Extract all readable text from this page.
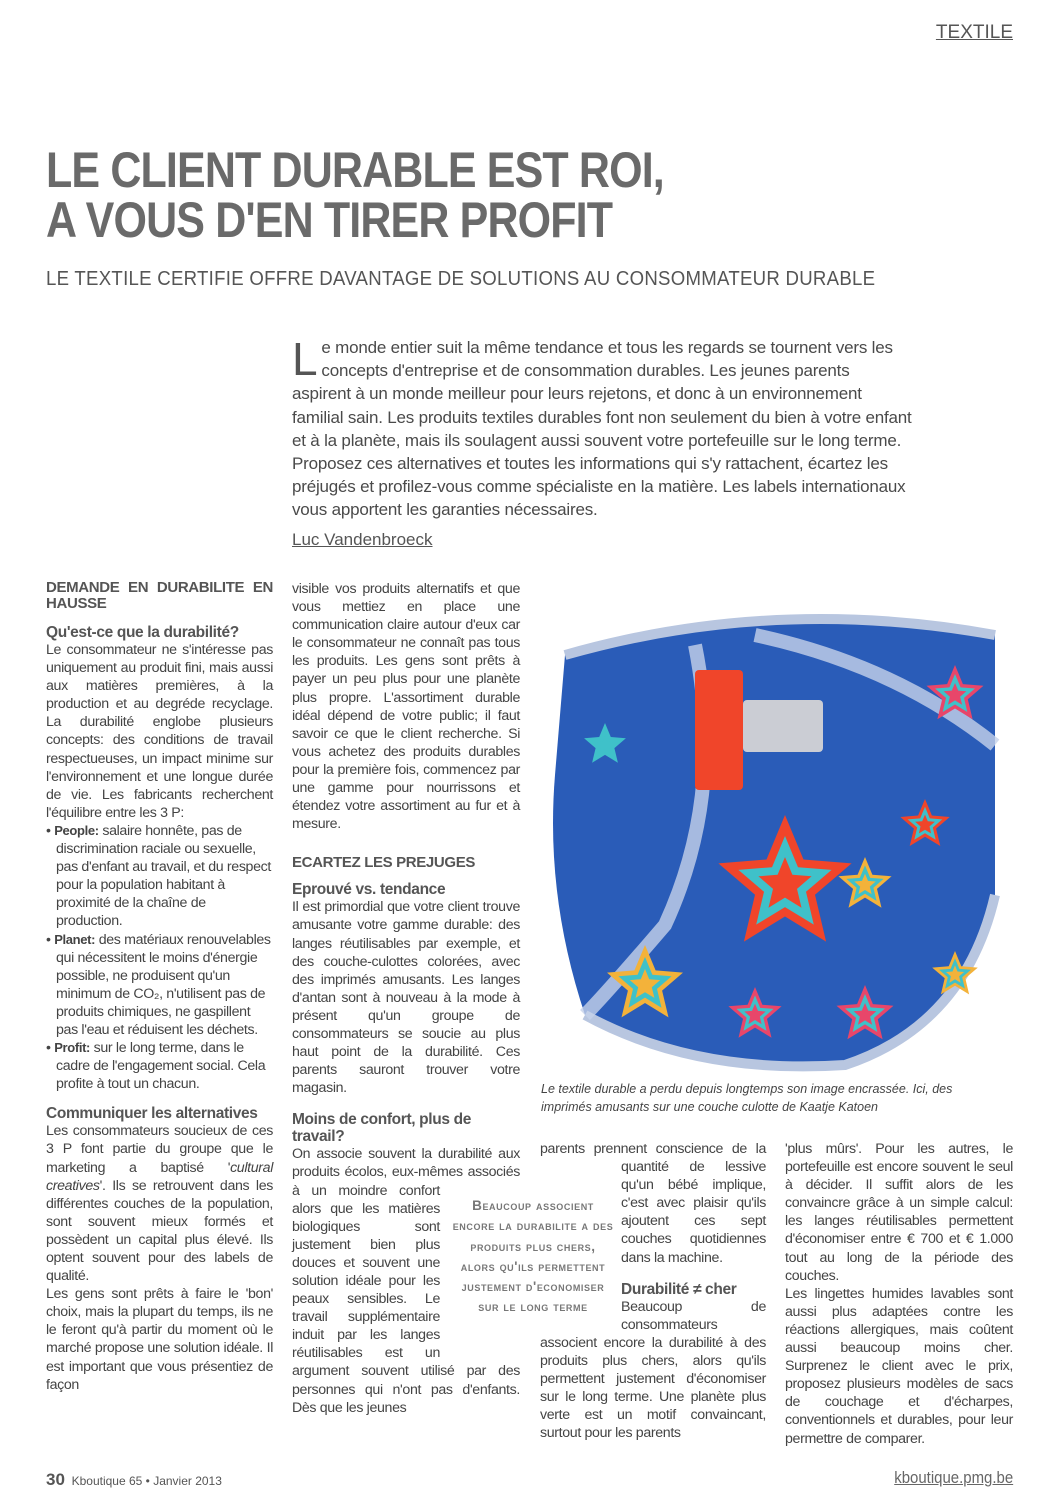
TEXTILE
LE CLIENT DURABLE EST ROI,
A VOUS D'EN TIRER PROFIT
LE TEXTILE CERTIFIE OFFRE DAVANTAGE DE SOLUTIONS AU CONSOMMATEUR DURABLE
Le monde entier suit la même tendance et tous les regards se tournent vers les concepts d'entreprise et de consommation durables. Les jeunes parents aspirent à un monde meilleur pour leurs rejetons, et donc à un environnement familial sain. Les produits textiles durables font non seulement du bien à votre enfant et à la planète, mais ils soulagent aussi souvent votre portefeuille sur le long terme. Proposez ces alternatives et toutes les informations qui s'y rattachent, écartez les préjugés et profilez-vous comme spécialiste en la matière. Les labels internationaux vous apportent les garanties nécessaires.
Luc Vandenbroeck
DEMANDE EN DURABILITE EN HAUSSE
Qu'est-ce que la durabilité?

Le consommateur ne s'intéresse pas uniquement au produit fini, mais aussi aux matières premières, à la production et au degréde recyclage. La durabilité englobe plusieurs concepts: des conditions de travail respectueuses, un impact minime sur l'environnement et une longue durée de vie. Les fabricants recherchent l'équilibre entre les 3 P:

• People: salaire honnête, pas de discrimination raciale ou sexuelle, pas d'enfant au travail, et du respect pour la population habitant à proximité de la chaîne de production.

• Planet: des matériaux renouvelables qui nécessitent le moins d'énergie possible, ne produisent qu'un minimum de CO₂, n'utilisent pas de produits chimiques, ne gaspillent pas l'eau et réduisent les déchets.

• Profit: sur le long terme, dans le cadre de l'engagement social. Cela profite à tout un chacun.

Communiquer les alternatives

Les consommateurs soucieux de ces 3 P font partie du groupe que le marketing a baptisé 'cultural creatives'. Ils se retrouvent dans les différentes couches de la population, sont souvent mieux formés et possèdent un capital plus élevé. Ils optent souvent pour des labels de qualité.

Les gens sont prêts à faire le 'bon' choix, mais la plupart du temps, ils ne le feront qu'à partir du moment où le marché propose une solution idéale. Il est important que vous présentiez de façon

visible vos produits alternatifs et que vous mettiez en place une communication claire autour d'eux car le consommateur ne connaît pas tous les produits. Les gens sont prêts à payer un peu plus pour une planète plus propre. L'assortiment durable idéal dépend de votre public; il faut savoir ce que le client recherche. Si vous achetez des produits durables pour la première fois, commencez par une gamme pour nourrissons et étendez votre assortiment au fur et à mesure.

ECARTEZ LES PREJUGES
Eprouvé vs. tendance

Il est primordial que votre client trouve amusante votre gamme durable: des langes réutilisables par exemple, et des couche-culottes colorées, avec des imprimés amusants. Les langes d'antan sont à nouveau à la mode à présent qu'un groupe de consommateurs se soucie au plus haut point de la durabilité. Ces parents sauront trouver votre magasin.

Moins de confort, plus de travail?

On associe souvent la durabilité aux produits écolos, eux-mêmes associés à un moindre confort alors que les matières biologiques sont justement bien plus douces et souvent une solution idéale pour les peaux sensibles. Le travail supplémentaire induit par les langes réutilisables est un argument souvent utilisé par des personnes qui n'ont pas d'enfants. Dès que les jeunes

Beaucoup associent encore la durabilite a des produits plus chers, alors qu'ils permettent justement d'economiser sur le long terme

parents prennent conscience de la quantité de lessive qu'un bébé implique, c'est avec plaisir qu'ils ajoutent ces sept couches quotidiennes dans la machine.

Durabilité ≠ cher

Beaucoup de consommateurs associent encore la durabilité à des produits plus chers, alors qu'ils permettent justement d'économiser sur le long terme. Une planète plus verte est un motif convaincant, surtout pour les parents

'plus mûrs'. Pour les autres, le portefeuille est encore souvent le seul à décider. Il suffit alors de les convaincre grâce à un simple calcul: les langes réutilisables permettent d'économiser entre € 700 et € 1.000 tout au long de la période des couches.

Les lingettes humides lavables sont aussi plus adaptées contre les réactions allergiques, mais coûtent aussi beaucoup moins cher. Surprenez le client avec le prix, proposez plusieurs modèles de sacs de couchage et d'écharpes, conventionnels et durables, pour leur permettre de comparer.

Le textile durable a perdu depuis longtemps son image encrassée. Ici, des imprimés amusants sur une couche culotte de Kaatje Katoen
30 Kboutique 65 • Janvier 2013	kboutique.pmg.be
